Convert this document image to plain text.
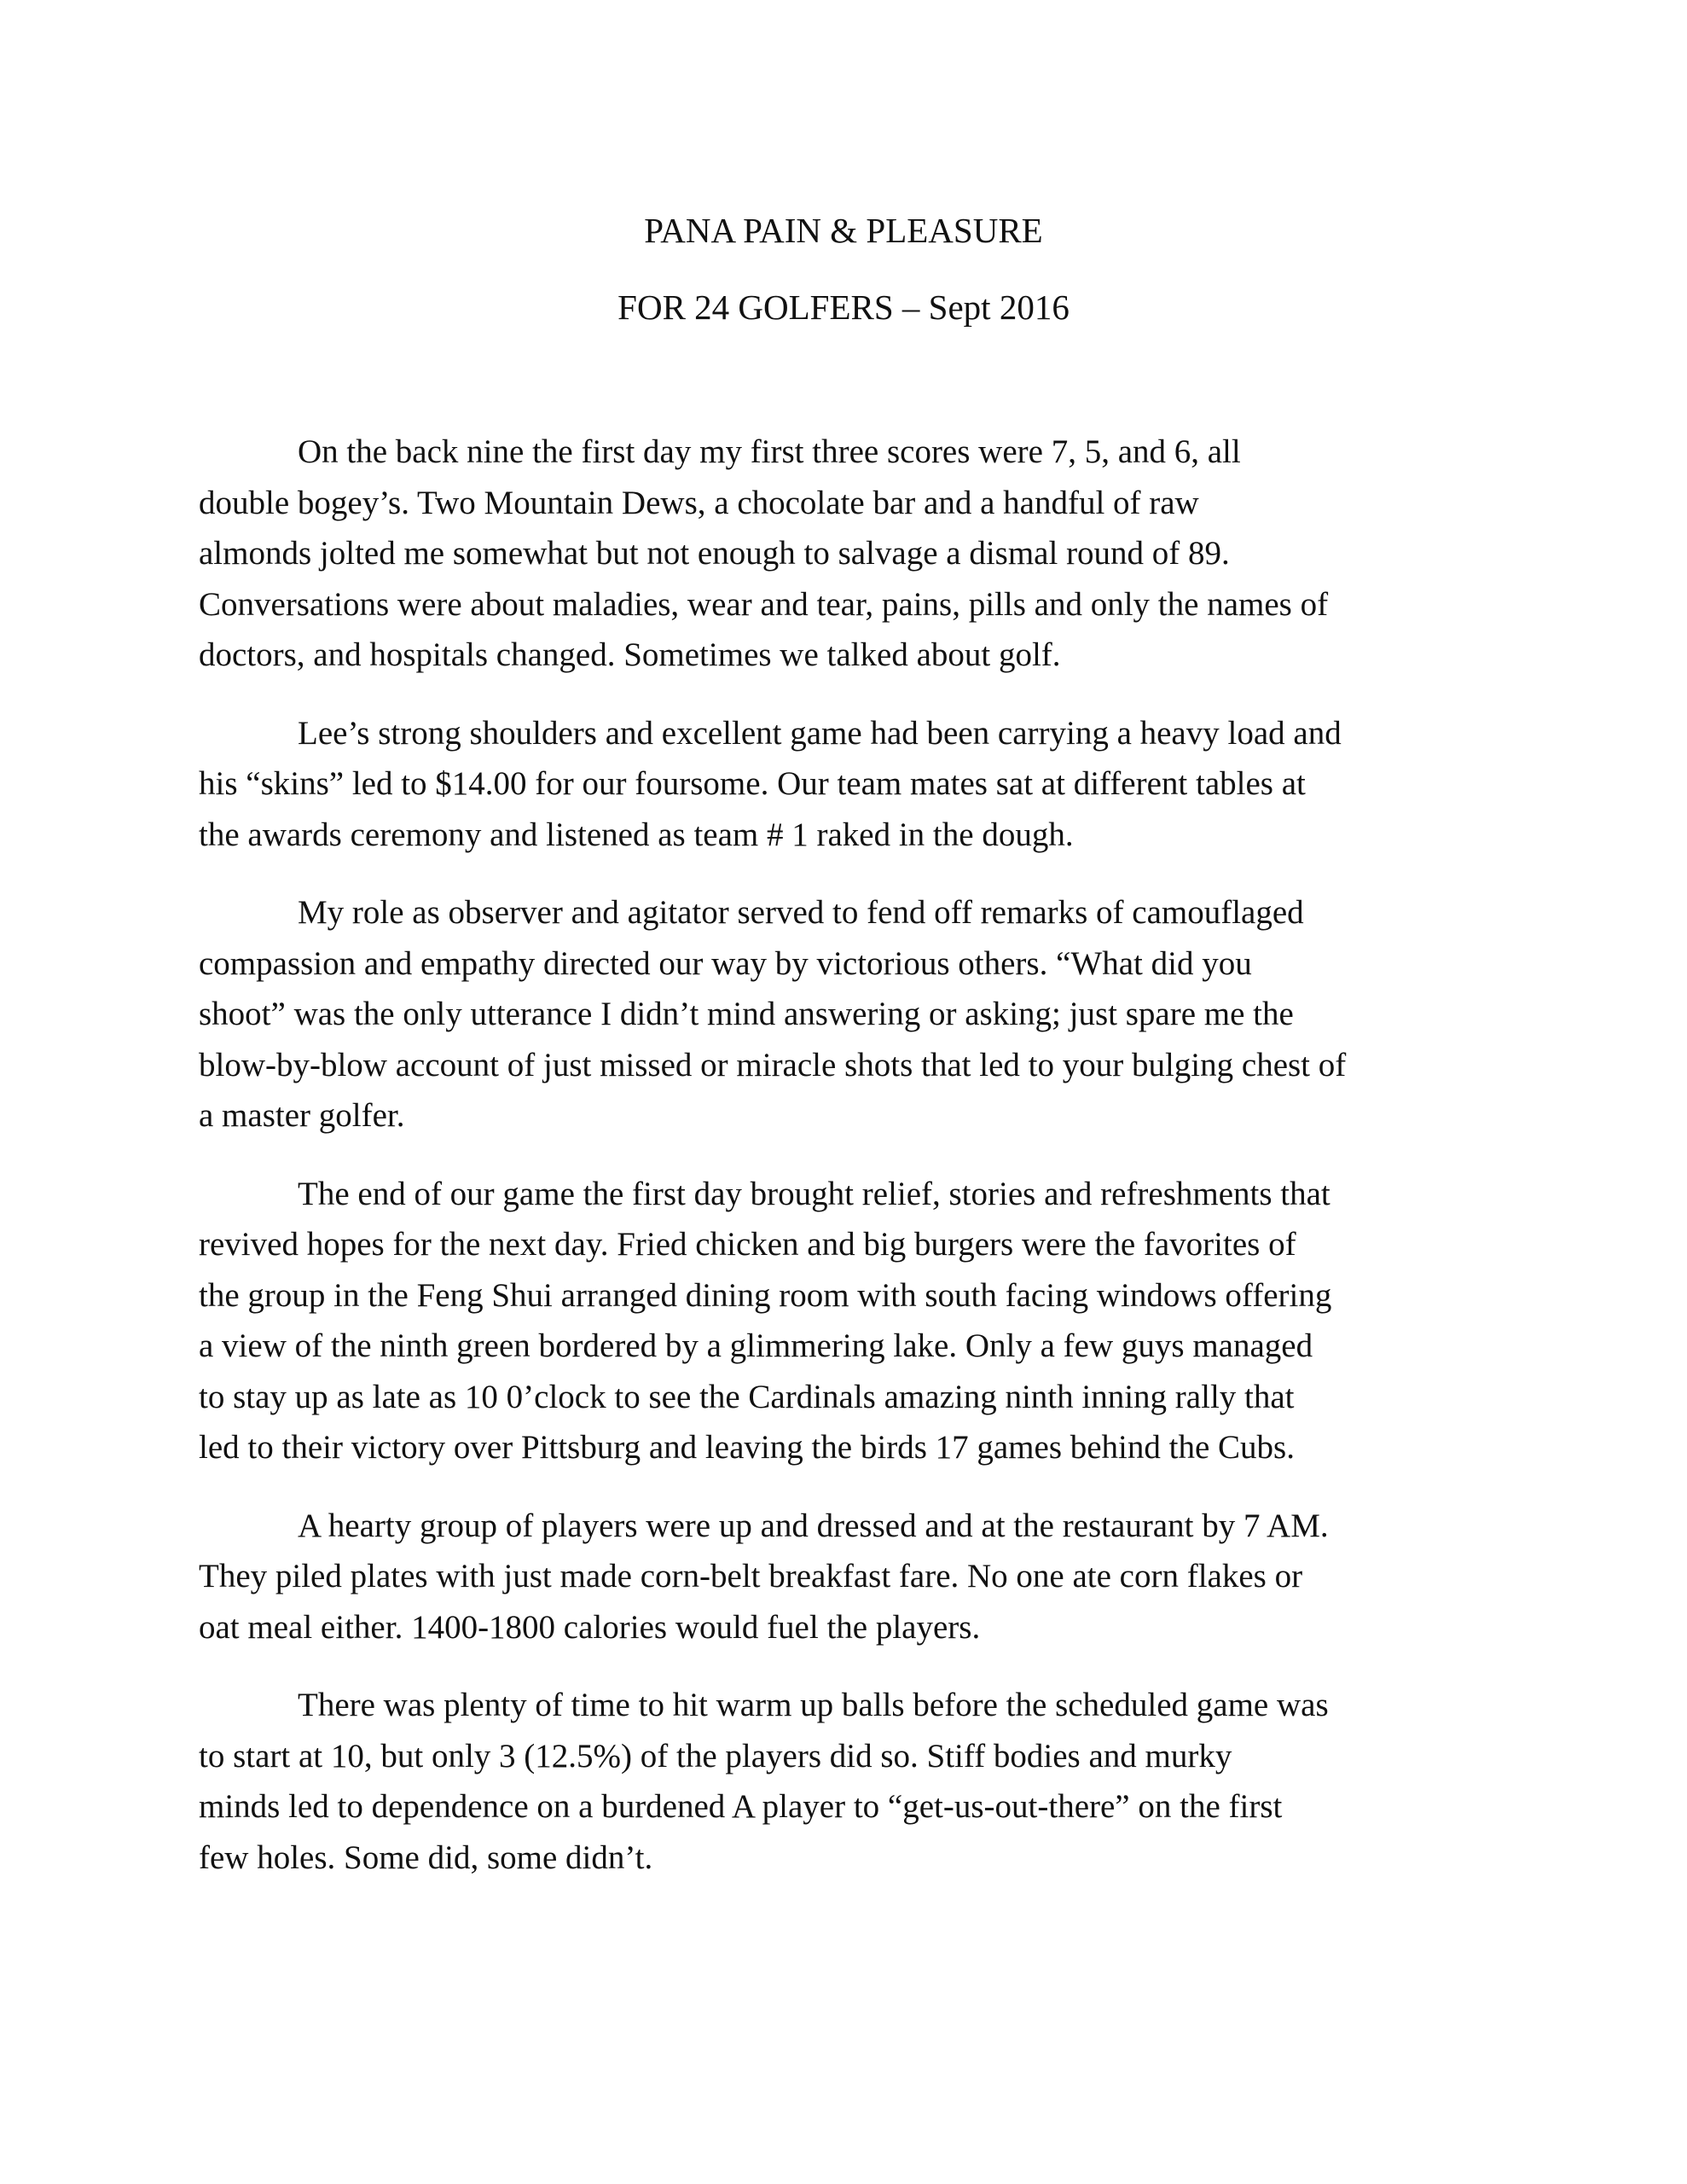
PANA PAIN & PLEASURE

FOR 24 GOLFERS – Sept 2016

On the back nine the first day my first three scores were 7, 5, and 6, all
double bogey’s. Two Mountain Dews, a chocolate bar and a handful of raw
almonds jolted me somewhat but not enough to salvage a dismal round of 89.
Conversations were about maladies, wear and tear, pains, pills and only the names of
doctors, and hospitals changed. Sometimes we talked about golf.

Lee’s strong shoulders and excellent game had been carrying a heavy load and
his “skins” led to $14.00 for our foursome. Our team mates sat at different tables at
the awards ceremony and listened as team # 1 raked in the dough.

My role as observer and agitator served to fend off remarks of camouflaged
compassion and empathy directed our way by victorious others. “What did you
shoot” was the only utterance I didn’t mind answering or asking; just spare me the
blow-by-blow account of just missed or miracle shots that led to your bulging chest of
a master golfer.

The end of our game the first day brought relief, stories and refreshments that
revived hopes for the next day. Fried chicken and big burgers were the favorites of
the group in the Feng Shui arranged dining room with south facing windows offering
a view of the ninth green bordered by a glimmering lake. Only a few guys managed
to stay up as late as 10 0’clock to see the Cardinals amazing ninth inning rally that
led to their victory over Pittsburg and leaving the birds 17 games behind the Cubs.

A hearty group of players were up and dressed and at the restaurant by 7 AM.
They piled plates with just made corn-belt breakfast fare. No one ate corn flakes or
oat meal either. 1400-1800 calories would fuel the players.

There was plenty of time to hit warm up balls before the scheduled game was
to start at 10, but only 3 (12.5%) of the players did so. Stiff bodies and murky
minds led to dependence on a burdened A player to “get-us-out-there” on the first
few holes. Some did, some didn’t.
